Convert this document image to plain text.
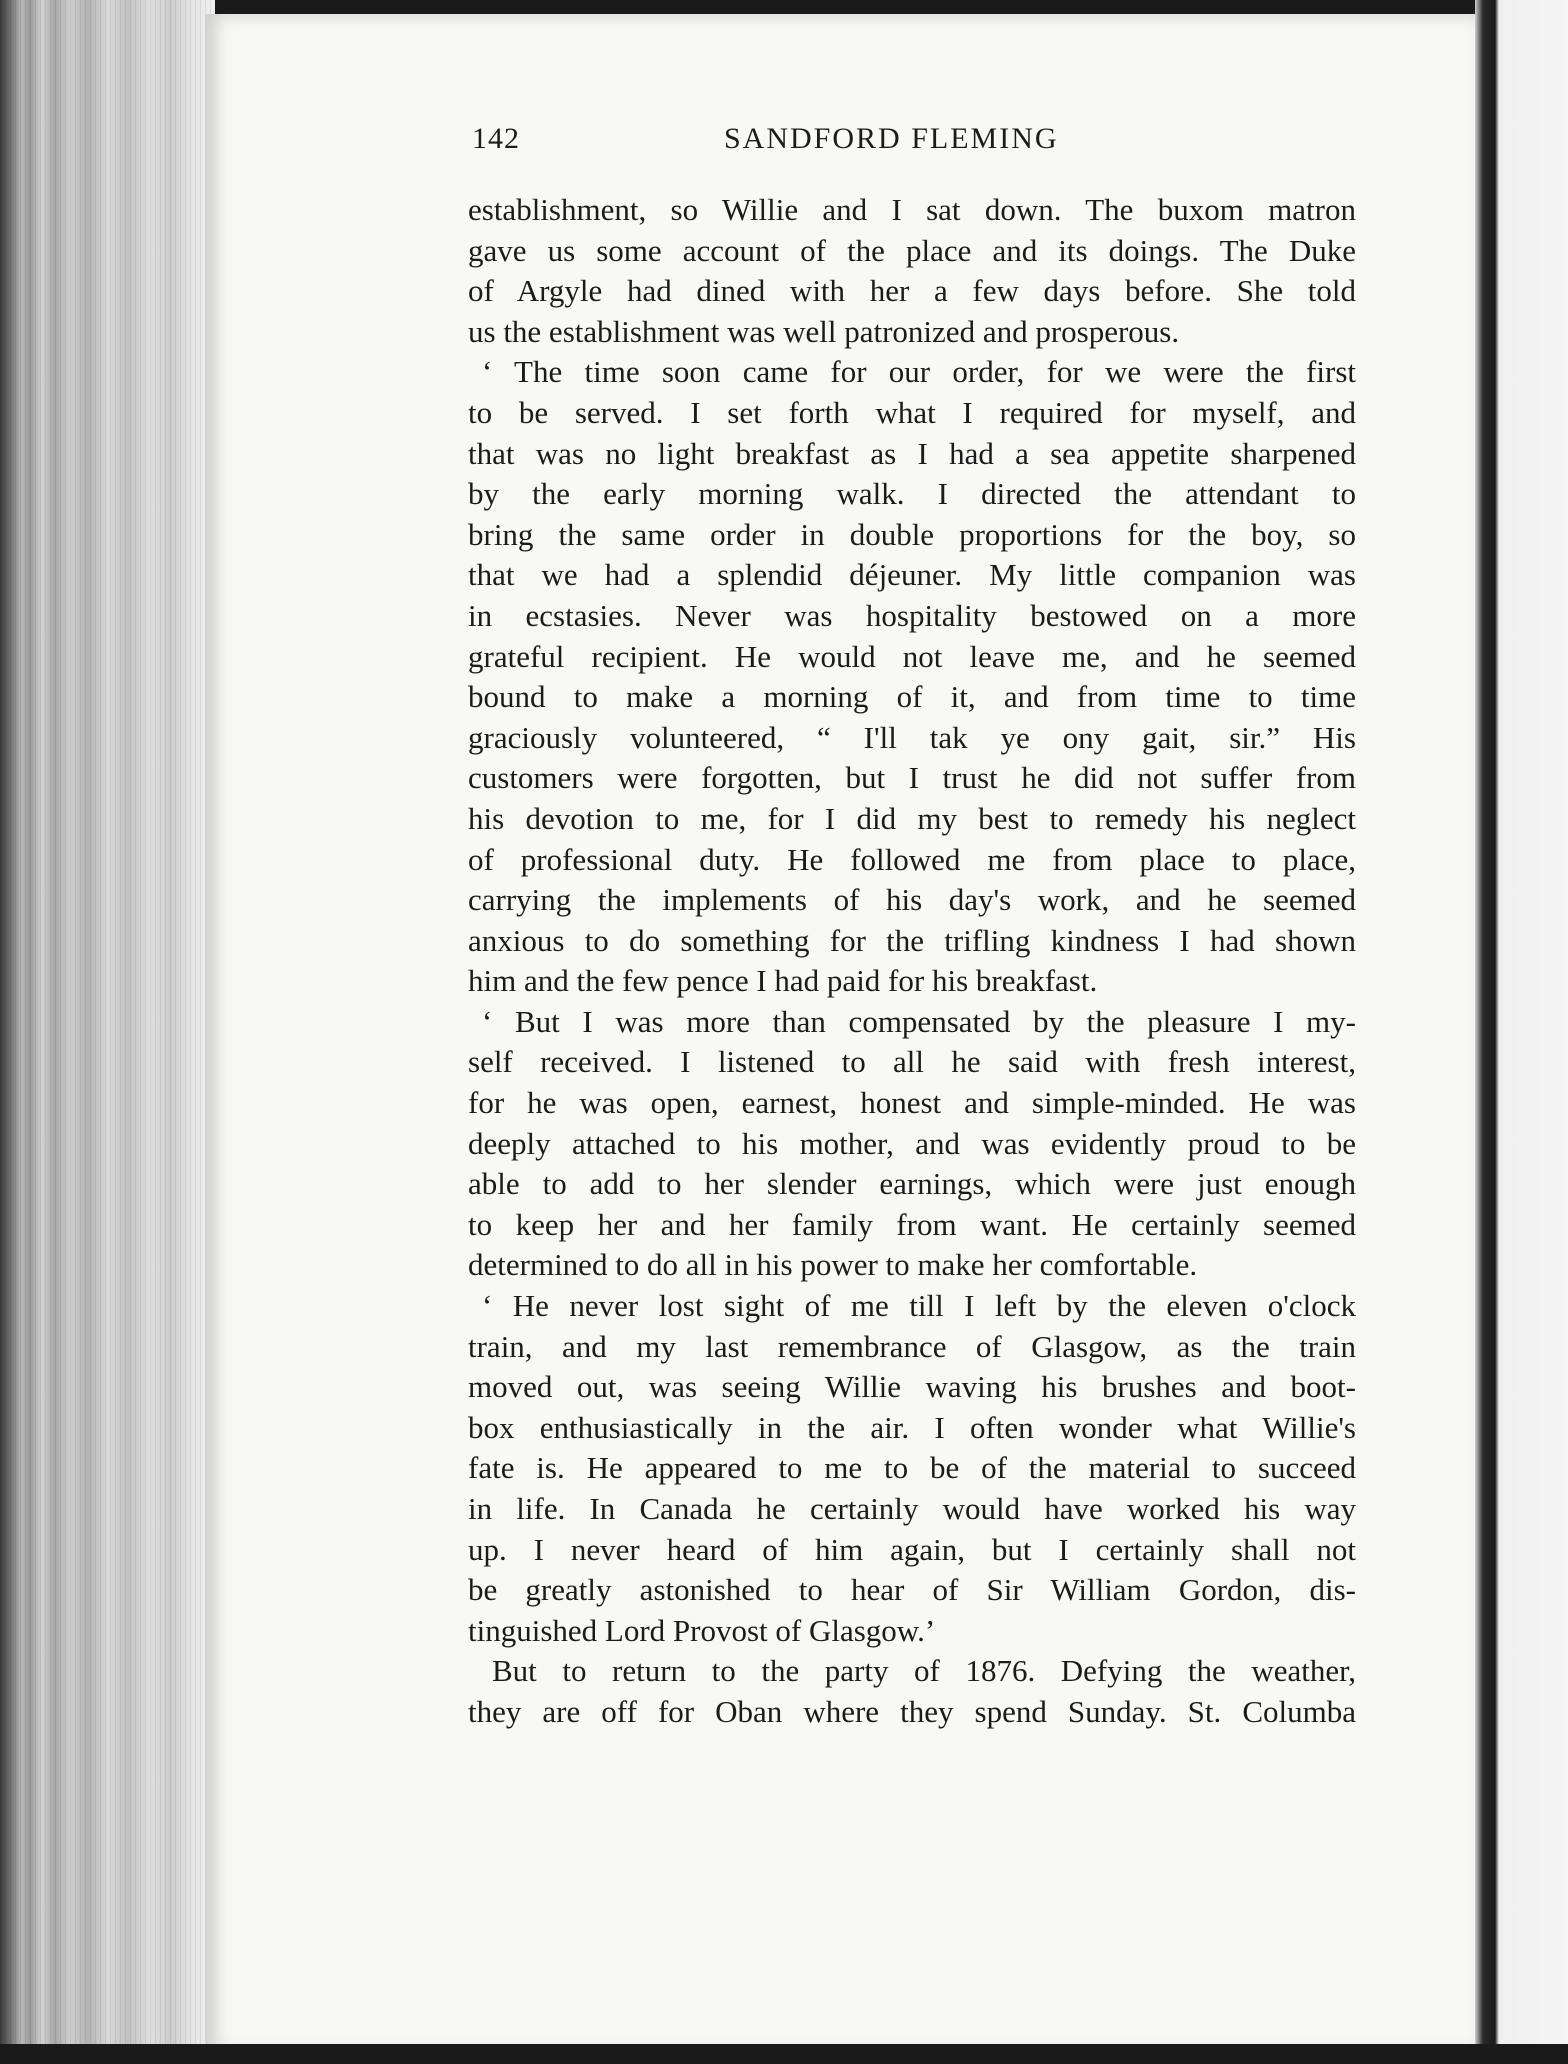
142	SANDFORD FLEMING
establishment, so Willie and I sat down. The buxom matron
gave us some account of the place and its doings. The Duke
of Argyle had dined with her a few days before. She told
us the establishment was well patronized and prosperous.
‘ The time soon came for our order, for we were the first
to be served. I set forth what I required for myself, and
that was no light breakfast as I had a sea appetite sharpened
by the early morning walk. I directed the attendant to
bring the same order in double proportions for the boy, so
that we had a splendid déjeuner. My little companion was
in ecstasies. Never was hospitality bestowed on a more
grateful recipient. He would not leave me, and he seemed
bound to make a morning of it, and from time to time
graciously volunteered, “ I'll tak ye ony gait, sir.” His
customers were forgotten, but I trust he did not suffer from
his devotion to me, for I did my best to remedy his neglect
of professional duty. He followed me from place to place,
carrying the implements of his day's work, and he seemed
anxious to do something for the trifling kindness I had shown
him and the few pence I had paid for his breakfast.
‘ But I was more than compensated by the pleasure I my-
self received. I listened to all he said with fresh interest,
for he was open, earnest, honest and simple-minded. He was
deeply attached to his mother, and was evidently proud to be
able to add to her slender earnings, which were just enough
to keep her and her family from want. He certainly seemed
determined to do all in his power to make her comfortable.
‘ He never lost sight of me till I left by the eleven o'clock
train, and my last remembrance of Glasgow, as the train
moved out, was seeing Willie waving his brushes and boot-
box enthusiastically in the air. I often wonder what Willie's
fate is. He appeared to me to be of the material to succeed
in life. In Canada he certainly would have worked his way
up. I never heard of him again, but I certainly shall not
be greatly astonished to hear of Sir William Gordon, dis-
tinguished Lord Provost of Glasgow.’
But to return to the party of 1876. Defying the weather,
they are off for Oban where they spend Sunday. St. Columba
